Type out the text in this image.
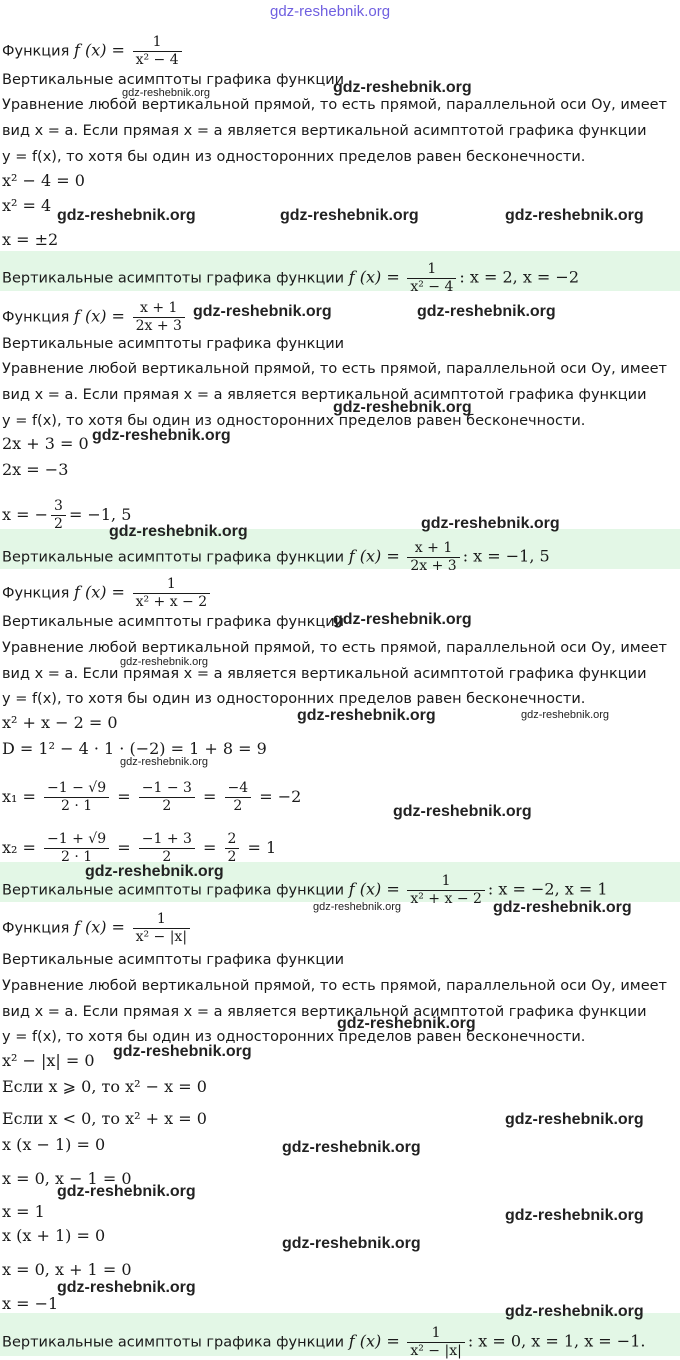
Функция f $(x) = \frac{1}{\text{x² − 4}}$
Вертикальные асимптоты графика функции
Уравнение любой вертикальной прямой, то есть прямой, параллельной оси Oy, имеет
вид x = a. Если прямая x = a является вертикальной асимптотой графика функции
y = f(x), то хотя бы один из односторонних пределов равен бесконечности.
x² − 4 = 0
x² = 4
x = ±2
Вертикальные асимптоты графика функции f $(x) = \frac{1}{\text{x² − 4}}$ : x = 2, x = −2
Функция f $(x) = \frac{x + 1}{2x + 3}$
Вертикальные асимптоты графика функции
Уравнение любой вертикальной прямой, то есть прямой, параллельной оси Oy, имеет
вид x = a. Если прямая x = a является вертикальной асимптотой графика функции
y = f(x), то хотя бы один из односторонних пределов равен бесконечности.
2x + 3 = 0
2x = −3
x = − $\frac{3}{2} = -1$, 5
Вертикальные асимптоты графика функции f $(x) = \frac{x + 1}{2x + 3}$ : x = −1, 5
Функция f $(x) = \frac{1}{\text{x² + x − 2}}$
Вертикальные асимптоты графика функции
Уравнение любой вертикальной прямой, то есть прямой, параллельной оси Oy, имеет
вид x = a. Если прямая x = a является вертикальной асимптотой графика функции
y = f(x), то хотя бы один из односторонних пределов равен бесконечности.
x² + x − 2 = 0
D = 1² − 4 · 1 · (−2) = 1 + 8 = 9
$x_1 = \frac{-1 - √9}{2 \cdot 1} = \frac{-1 - 3}{2} = \frac{-4}{2} = -2$
$x_2 = \frac{-1 + √9}{2 \cdot 1} = \frac{-1 + 3}{2} = \frac{2}{2} = 1$
Вертикальные асимптоты графика функции f $(x) = \frac{1}{\text{x² + x − 2}}$ : x = −2, x = 1
Функция f $(x) = \frac{1}{\text{x² − |x|}}$
Вертикальные асимптоты графика функции
Уравнение любой вертикальной прямой, то есть прямой, параллельной оси Oy, имеет
вид x = a. Если прямая x = a является вертикальной асимптотой графика функции
y = f(x), то хотя бы один из односторонних пределов равен бесконечности.
x² − |x| = 0
Если x ⩾ 0, то x² − x = 0
Если x < 0, то x² + x = 0
x (x − 1) = 0
x = 0, x − 1 = 0
x = 1
x (x + 1) = 0
x = 0, x + 1 = 0
x = −1
Вертикальные асимптоты графика функции f $(x) = \frac{1}{\text{x² − |x|}}$ : x = 0, x = 1, x = −1.
gdz-reshebnik.org
gdz-reshebnik.org	gdz-reshebnik.org
gdz-reshebnik.org	gdz-reshebnik.org	gdz-reshebnik.org
gdz-reshebnik.org	gdz-reshebnik.org
gdz-reshebnik.org
gdz-reshebnik.org
gdz-reshebnik.org
gdz-reshebnik.org
gdz-reshebnik.org
gdz-reshebnik.org
gdz-reshebnik.org	gdz-reshebnik.org
gdz-reshebnik.org
gdz-reshebnik.org
gdz-reshebnik.org
gdz-reshebnik.org	gdz-reshebnik.org
gdz-reshebnik.org
gdz-reshebnik.org
gdz-reshebnik.org
gdz-reshebnik.org
gdz-reshebnik.org
gdz-reshebnik.org
gdz-reshebnik.org
gdz-reshebnik.org
gdz-reshebnik.org
